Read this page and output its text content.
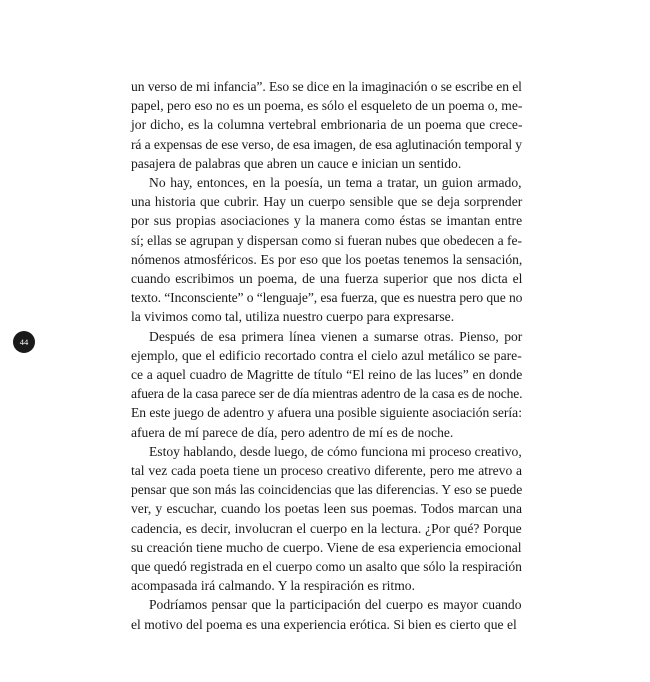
un verso de mi infancia”. Eso se dice en la imaginación o se escribe en el

papel, pero eso no es un poema, es sólo el esqueleto de un poema o, me-

jor dicho, es la columna vertebral embrionaria de un poema que crece-

rá a expensas de ese verso, de esa imagen, de esa aglutinación temporal y

pasajera de palabras que abren un cauce e inician un sentido.

No hay, entonces, en la poesía, un tema a tratar, un guion armado,

una historia que cubrir. Hay un cuerpo sensible que se deja sorprender

por sus propias asociaciones y la manera como éstas se imantan entre

sí; ellas se agrupan y dispersan como si fueran nubes que obedecen a fe-

nómenos atmosféricos. Es por eso que los poetas tenemos la sensación,

cuando escribimos un poema, de una fuerza superior que nos dicta el

texto. “Inconsciente” o “lenguaje”, esa fuerza, que es nuestra pero que no

la vivimos como tal, utiliza nuestro cuerpo para expresarse.

Después de esa primera línea vienen a sumarse otras. Pienso, por

ejemplo, que el edificio recortado contra el cielo azul metálico se pare-

ce a aquel cuadro de Magritte de título “El reino de las luces” en donde

afuera de la casa parece ser de día mientras adentro de la casa es de noche.

En este juego de adentro y afuera una posible siguiente asociación sería:

afuera de mí parece de día, pero adentro de mí es de noche.

Estoy hablando, desde luego, de cómo funciona mi proceso creativo,

tal vez cada poeta tiene un proceso creativo diferente, pero me atrevo a

pensar que son más las coincidencias que las diferencias. Y eso se puede

ver, y escuchar, cuando los poetas leen sus poemas. Todos marcan una

cadencia, es decir, involucran el cuerpo en la lectura. ¿Por qué? Porque

su creación tiene mucho de cuerpo. Viene de esa experiencia emocional

que quedó registrada en el cuerpo como un asalto que sólo la respiración

acompasada irá calmando. Y la respiración es ritmo.

Podríamos pensar que la participación del cuerpo es mayor cuando

el motivo del poema es una experiencia erótica. Si bien es cierto que el

44
